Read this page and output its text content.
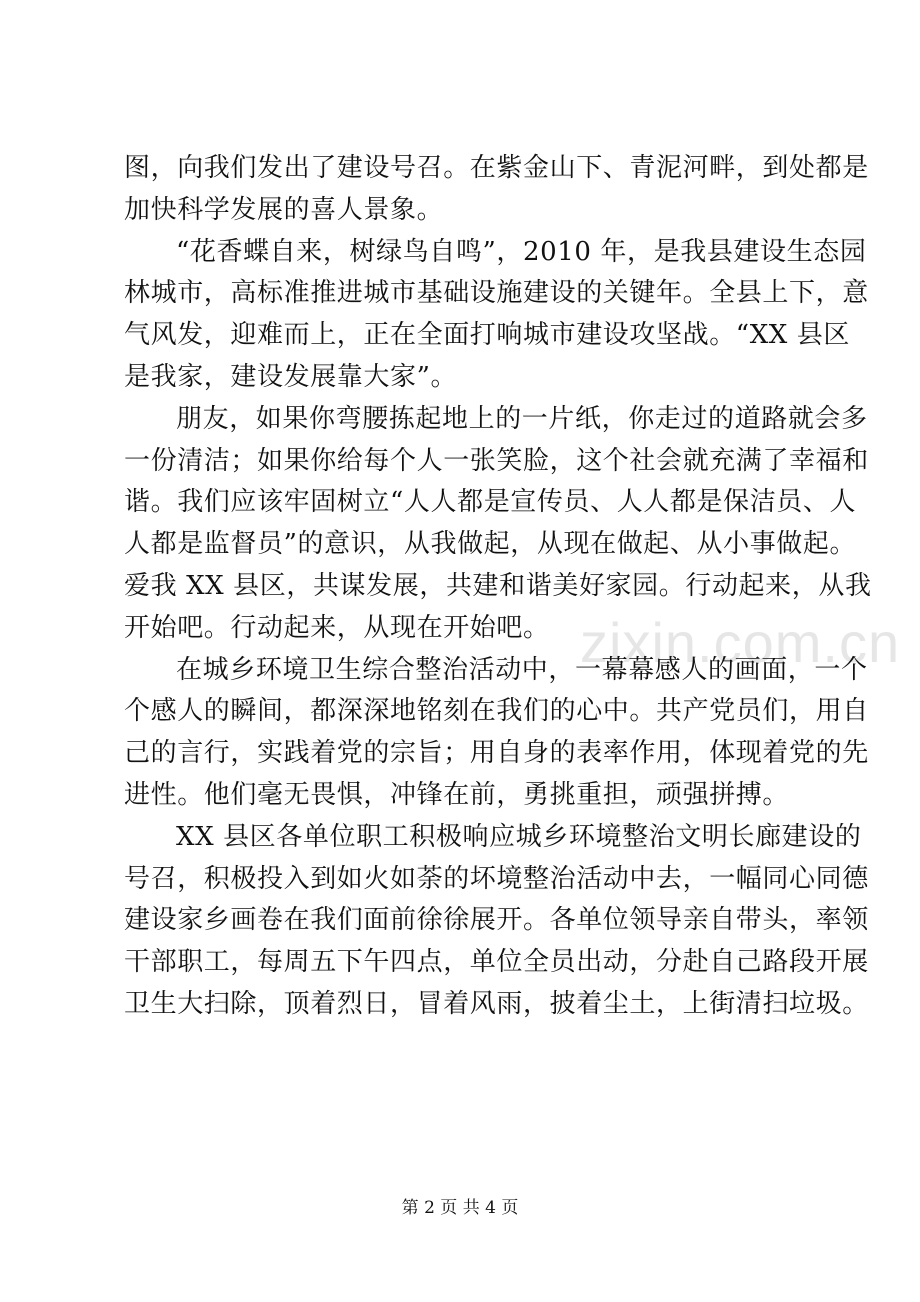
zixin.com.cn
图，向我们发出了建设号召。在紫金山下、青泥河畔，到处都是
加快科学发展的喜人景象。
“花香蝶自来，树绿鸟自鸣”，2010 年，是我县建设生态园
林城市，高标准推进城市基础设施建设的关键年。全县上下，意
气风发，迎难而上，正在全面打响城市建设攻坚战。“XX 县区
是我家，建设发展靠大家”。
朋友，如果你弯腰拣起地上的一片纸，你走过的道路就会多
一份清洁；如果你给每个人一张笑脸，这个社会就充满了幸福和
谐。我们应该牢固树立“人人都是宣传员、人人都是保洁员、人
人都是监督员”的意识，从我做起，从现在做起、从小事做起。
爱我 XX 县区，共谋发展，共建和谐美好家园。行动起来，从我
开始吧。行动起来，从现在开始吧。
在城乡环境卫生综合整治活动中，一幕幕感人的画面，一个
个感人的瞬间，都深深地铭刻在我们的心中。共产党员们，用自
己的言行，实践着党的宗旨；用自身的表率作用，体现着党的先
进性。他们毫无畏惧，冲锋在前，勇挑重担，顽强拼搏。
XX 县区各单位职工积极响应城乡环境整治文明长廊建设的
号召，积极投入到如火如荼的坏境整治活动中去，一幅同心同德
建设家乡画卷在我们面前徐徐展开。各单位领导亲自带头，率领
干部职工，每周五下午四点，单位全员出动，分赴自己路段开展
卫生大扫除，顶着烈日，冒着风雨，披着尘土，上街清扫垃圾。
第 2 页 共 4 页
